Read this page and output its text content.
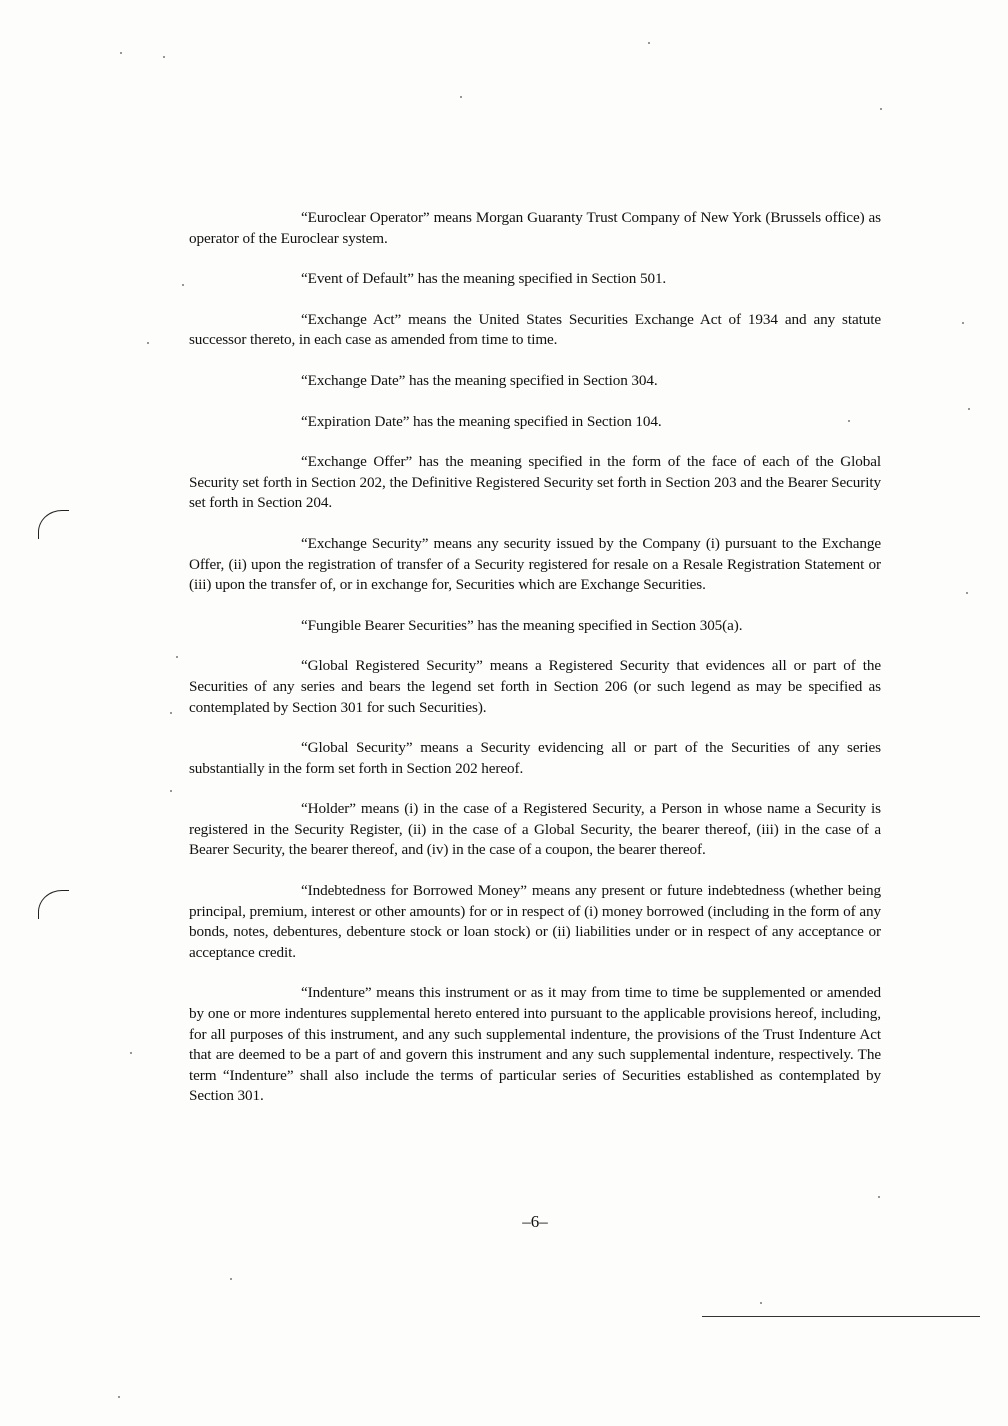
“Euroclear Operator” means Morgan Guaranty Trust Company of New York (Brussels office) as operator of the Euroclear system.

“Event of Default” has the meaning specified in Section 501.

“Exchange Act” means the United States Securities Exchange Act of 1934 and any statute successor thereto, in each case as amended from time to time.

“Exchange Date” has the meaning specified in Section 304.

“Expiration Date” has the meaning specified in Section 104.

“Exchange Offer” has the meaning specified in the form of the face of each of the Global Security set forth in Section 202, the Definitive Registered Security set forth in Section 203 and the Bearer Security set forth in Section 204.

“Exchange Security” means any security issued by the Company (i) pursuant to the Exchange Offer, (ii) upon the registration of transfer of a Security registered for resale on a Resale Registration Statement or (iii) upon the transfer of, or in exchange for, Securities which are Exchange Securities.

“Fungible Bearer Securities” has the meaning specified in Section 305(a).

“Global Registered Security” means a Registered Security that evidences all or part of the Securities of any series and bears the legend set forth in Section 206 (or such legend as may be specified as contemplated by Section 301 for such Securities).

“Global Security” means a Security evidencing all or part of the Securities of any series substantially in the form set forth in Section 202 hereof.

“Holder” means (i) in the case of a Registered Security, a Person in whose name a Security is registered in the Security Register, (ii) in the case of a Global Security, the bearer thereof, (iii) in the case of a Bearer Security, the bearer thereof, and (iv) in the case of a coupon, the bearer thereof.

“Indebtedness for Borrowed Money” means any present or future indebtedness (whether being principal, premium, interest or other amounts) for or in respect of (i) money borrowed (including in the form of any bonds, notes, debentures, debenture stock or loan stock) or (ii) liabilities under or in respect of any acceptance or acceptance credit.

“Indenture” means this instrument or as it may from time to time be supplemented or amended by one or more indentures supplemental hereto entered into pursuant to the applicable provisions hereof, including, for all purposes of this instrument, and any such supplemental indenture, the provisions of the Trust Indenture Act that are deemed to be a part of and govern this instrument and any such supplemental indenture, respectively. The term “Indenture” shall also include the terms of particular series of Securities established as contemplated by Section 301.

–6–
